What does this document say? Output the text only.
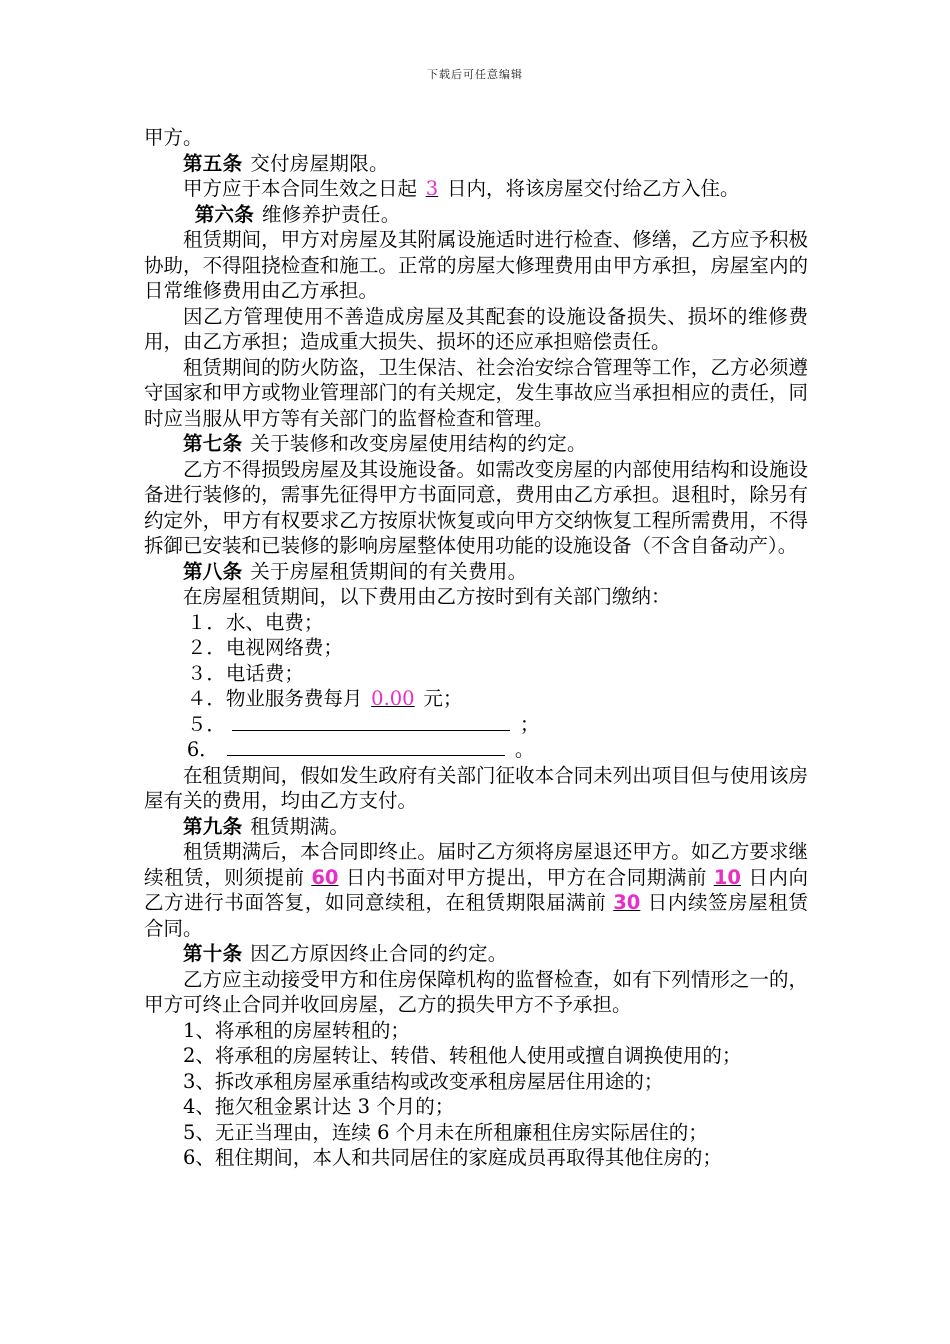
下载后可任意编辑

甲方。

第五条 交付房屋期限。

甲方应于本合同生效之日起 3 日内，将该房屋交付给乙方入住。

第六条 维修养护责任。

租赁期间，甲方对房屋及其附属设施适时进行检查、修缮，乙方应予积极协助，不得阻挠检查和施工。正常的房屋大修理费用由甲方承担，房屋室内的日常维修费用由乙方承担。

因乙方管理使用不善造成房屋及其配套的设施设备损失、损坏的维修费用，由乙方承担；造成重大损失、损坏的还应承担赔偿责任。

租赁期间的防火防盗，卫生保洁、社会治安综合管理等工作，乙方必须遵守国家和甲方或物业管理部门的有关规定，发生事故应当承担相应的责任，同时应当服从甲方等有关部门的监督检查和管理。

第七条 关于装修和改变房屋使用结构的约定。

乙方不得损毁房屋及其设施设备。如需改变房屋的内部使用结构和设施设备进行装修的，需事先征得甲方书面同意，费用由乙方承担。退租时，除另有约定外，甲方有权要求乙方按原状恢复或向甲方交纳恢复工程所需费用，不得拆御已安装和已装修的影响房屋整体使用功能的设施设备（不含自备动产）。

第八条 关于房屋租赁期间的有关费用。

在房屋租赁期间，以下费用由乙方按时到有关部门缴纳：

１．水、电费；

２．电视网络费；

３．电话费；

４．物业服务费每月 0.00 元；

５．	；

6．	。

在租赁期间，假如发生政府有关部门征收本合同未列出项目但与使用该房屋有关的费用，均由乙方支付。

第九条 租赁期满。

租赁期满后，本合同即终止。届时乙方须将房屋退还甲方。如乙方要求继续租赁，则须提前 60 日内书面对甲方提出，甲方在合同期满前 10 日内向乙方进行书面答复，如同意续租，在租赁期限届满前 30 日内续签房屋租赁合同。

第十条 因乙方原因终止合同的约定。

乙方应主动接受甲方和住房保障机构的监督检查，如有下列情形之一的，甲方可终止合同并收回房屋，乙方的损失甲方不予承担。

1、将承租的房屋转租的；

2、将承租的房屋转让、转借、转租他人使用或擅自调换使用的；

3、拆改承租房屋承重结构或改变承租房屋居住用途的；

4、拖欠租金累计达 3 个月的；

5、无正当理由，连续 6 个月未在所租廉租住房实际居住的；

6、租住期间，本人和共同居住的家庭成员再取得其他住房的；
